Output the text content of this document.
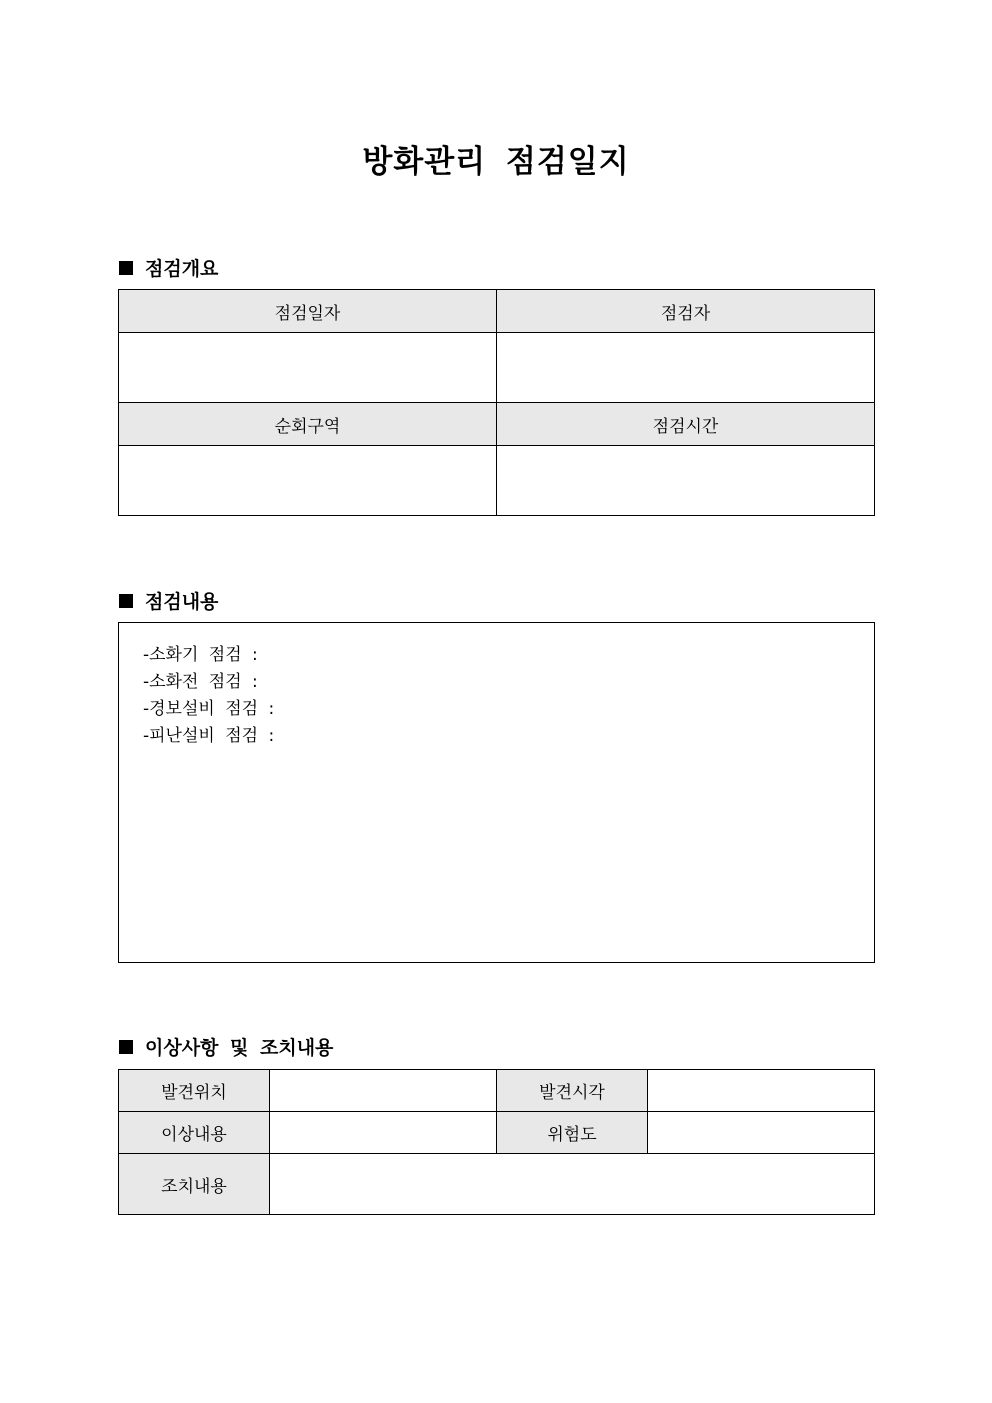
방화관리 점검일지
점검개요
점검일자	점검자

순회구역	점검시간

점검내용
-소화기 점검 :
-소화전 점검 :
-경보설비 점검 :
-피난설비 점검 :
이상사항 및 조치내용
발견위치		발견시각	
이상내용		위험도	
조치내용			
